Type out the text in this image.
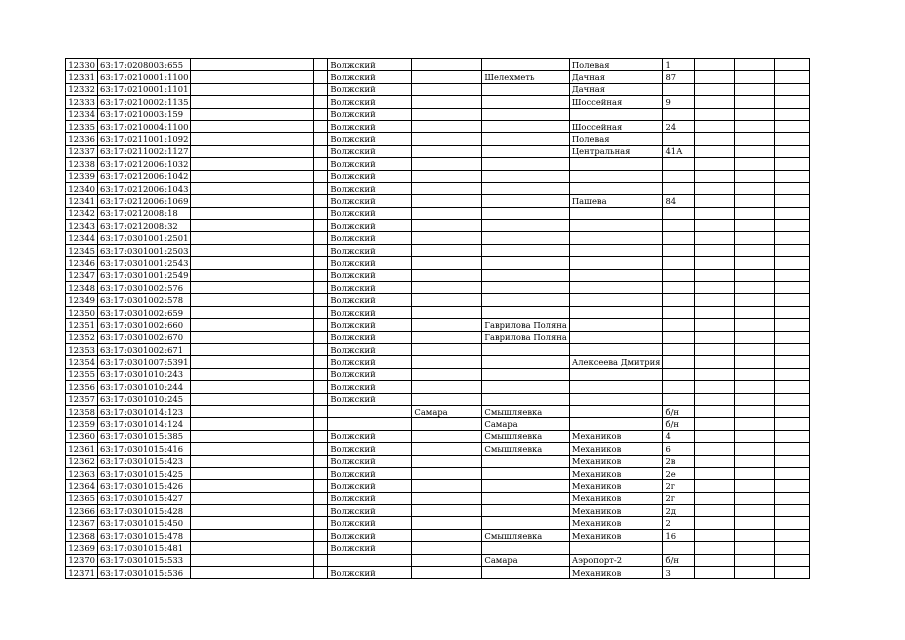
12330	63:17:0208003:655			Волжский			Полевая	1			
12331	63:17:0210001:1100			Волжский		Шелехметь	Дачная	87			
12332	63:17:0210001:1101			Волжский			Дачная				
12333	63:17:0210002:1135			Волжский			Шоссейная	9			
12334	63:17:0210003:159			Волжский							
12335	63:17:0210004:1100			Волжский			Шоссейная	24			
12336	63:17:0211001:1092			Волжский			Полевая				
12337	63:17:0211002:1127			Волжский			Центральная	41А			
12338	63:17:0212006:1032			Волжский							
12339	63:17:0212006:1042			Волжский							
12340	63:17:0212006:1043			Волжский							
12341	63:17:0212006:1069			Волжский			Пашева	84			
12342	63:17:0212008:18			Волжский							
12343	63:17:0212008:32			Волжский							
12344	63:17:0301001:2501			Волжский							
12345	63:17:0301001:2503			Волжский							
12346	63:17:0301001:2543			Волжский							
12347	63:17:0301001:2549			Волжский							
12348	63:17:0301002:576			Волжский							
12349	63:17:0301002:578			Волжский							
12350	63:17:0301002:659			Волжский							
12351	63:17:0301002:660			Волжский		Гаврилова Поляна					
12352	63:17:0301002:670			Волжский		Гаврилова Поляна					
12353	63:17:0301002:671			Волжский							
12354	63:17:0301007:5391			Волжский			Алексеева Дмитрия				
12355	63:17:0301010:243			Волжский							
12356	63:17:0301010:244			Волжский							
12357	63:17:0301010:245			Волжский							
12358	63:17:0301014:123				Самара	Смышляевка		б/н			
12359	63:17:0301014:124					Самара		б/н			
12360	63:17:0301015:385			Волжский		Смышляевка	Механиков	4			
12361	63:17:0301015:416			Волжский		Смышляевка	Механиков	6			
12362	63:17:0301015:423			Волжский			Механиков	2в			
12363	63:17:0301015:425			Волжский			Механиков	2е			
12364	63:17:0301015:426			Волжский			Механиков	2г			
12365	63:17:0301015:427			Волжский			Механиков	2г			
12366	63:17:0301015:428			Волжский			Механиков	2д			
12367	63:17:0301015:450			Волжский			Механиков	2			
12368	63:17:0301015:478			Волжский		Смышляевка	Механиков	16			
12369	63:17:0301015:481			Волжский							
12370	63:17:0301015:533					Самара	Аэропорт-2	б/н			
12371	63:17:0301015:536			Волжский			Механиков	3			
